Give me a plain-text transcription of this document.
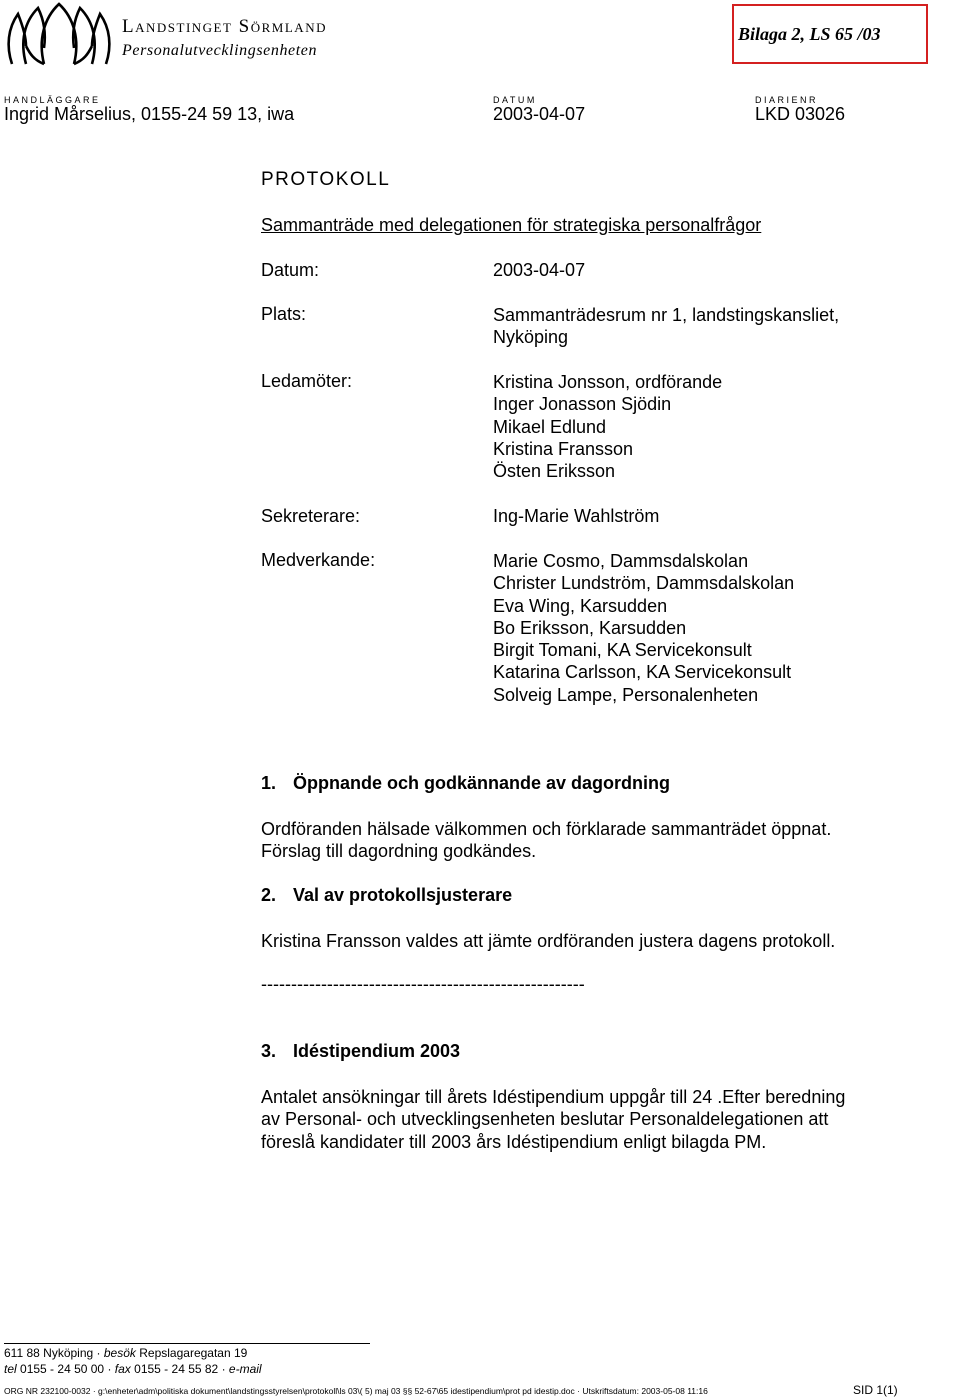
Landstinget Sörmland
Personalutvecklingsenheten
Bilaga 2, LS 65 /03
HANDLÄGGARE
Ingrid Mårselius, 0155-24 59 13, iwa
DATUM
2003-04-07
DIARIENR
LKD 03026
PROTOKOLL
Sammanträde med delegationen för strategiska personalfrågor
Datum:	2003-04-07
Plats:	Sammanträdesrum nr 1, landstingskansliet,
Nyköping
Ledamöter:	Kristina Jonsson, ordförande
Inger Jonasson Sjödin
Mikael Edlund
Kristina Fransson
Östen Eriksson
Sekreterare:	Ing-Marie Wahlström
Medverkande:	Marie Cosmo, Dammsdalskolan
Christer Lundström, Dammsdalskolan
Eva Wing, Karsudden
Bo Eriksson, Karsudden
Birgit Tomani, KA Servicekonsult
Katarina Carlsson, KA Servicekonsult
Solveig Lampe, Personalenheten
1. Öppnande och godkännande av dagordning
Ordföranden hälsade välkommen och förklarade sammanträdet öppnat.
Förslag till dagordning godkändes.
2. Val av protokollsjusterare
Kristina Fransson valdes att jämte ordföranden justera dagens protokoll.
------------------------------------------------------
3. Idéstipendium 2003
Antalet ansökningar till årets Idéstipendium uppgår till 24 .Efter beredning
av Personal- och utvecklingsenheten beslutar Personaldelegationen att
föreslå kandidater till 2003 års Idéstipendium enligt bilagda PM.
611 88 Nyköping · besök Repslagaregatan 19
tel 0155 - 24 50 00 · fax 0155 - 24 55 82 · e-mail
ORG NR 232100-0032 · g:\enheter\adm\politiska dokument\landstingsstyrelsen\protokoll\ls 03\( 5) maj 03 §§ 52-67\65 idestipendium\prot pd idestip.doc · Utskriftsdatum: 2003-05-08 11:16	SID 1(1)
